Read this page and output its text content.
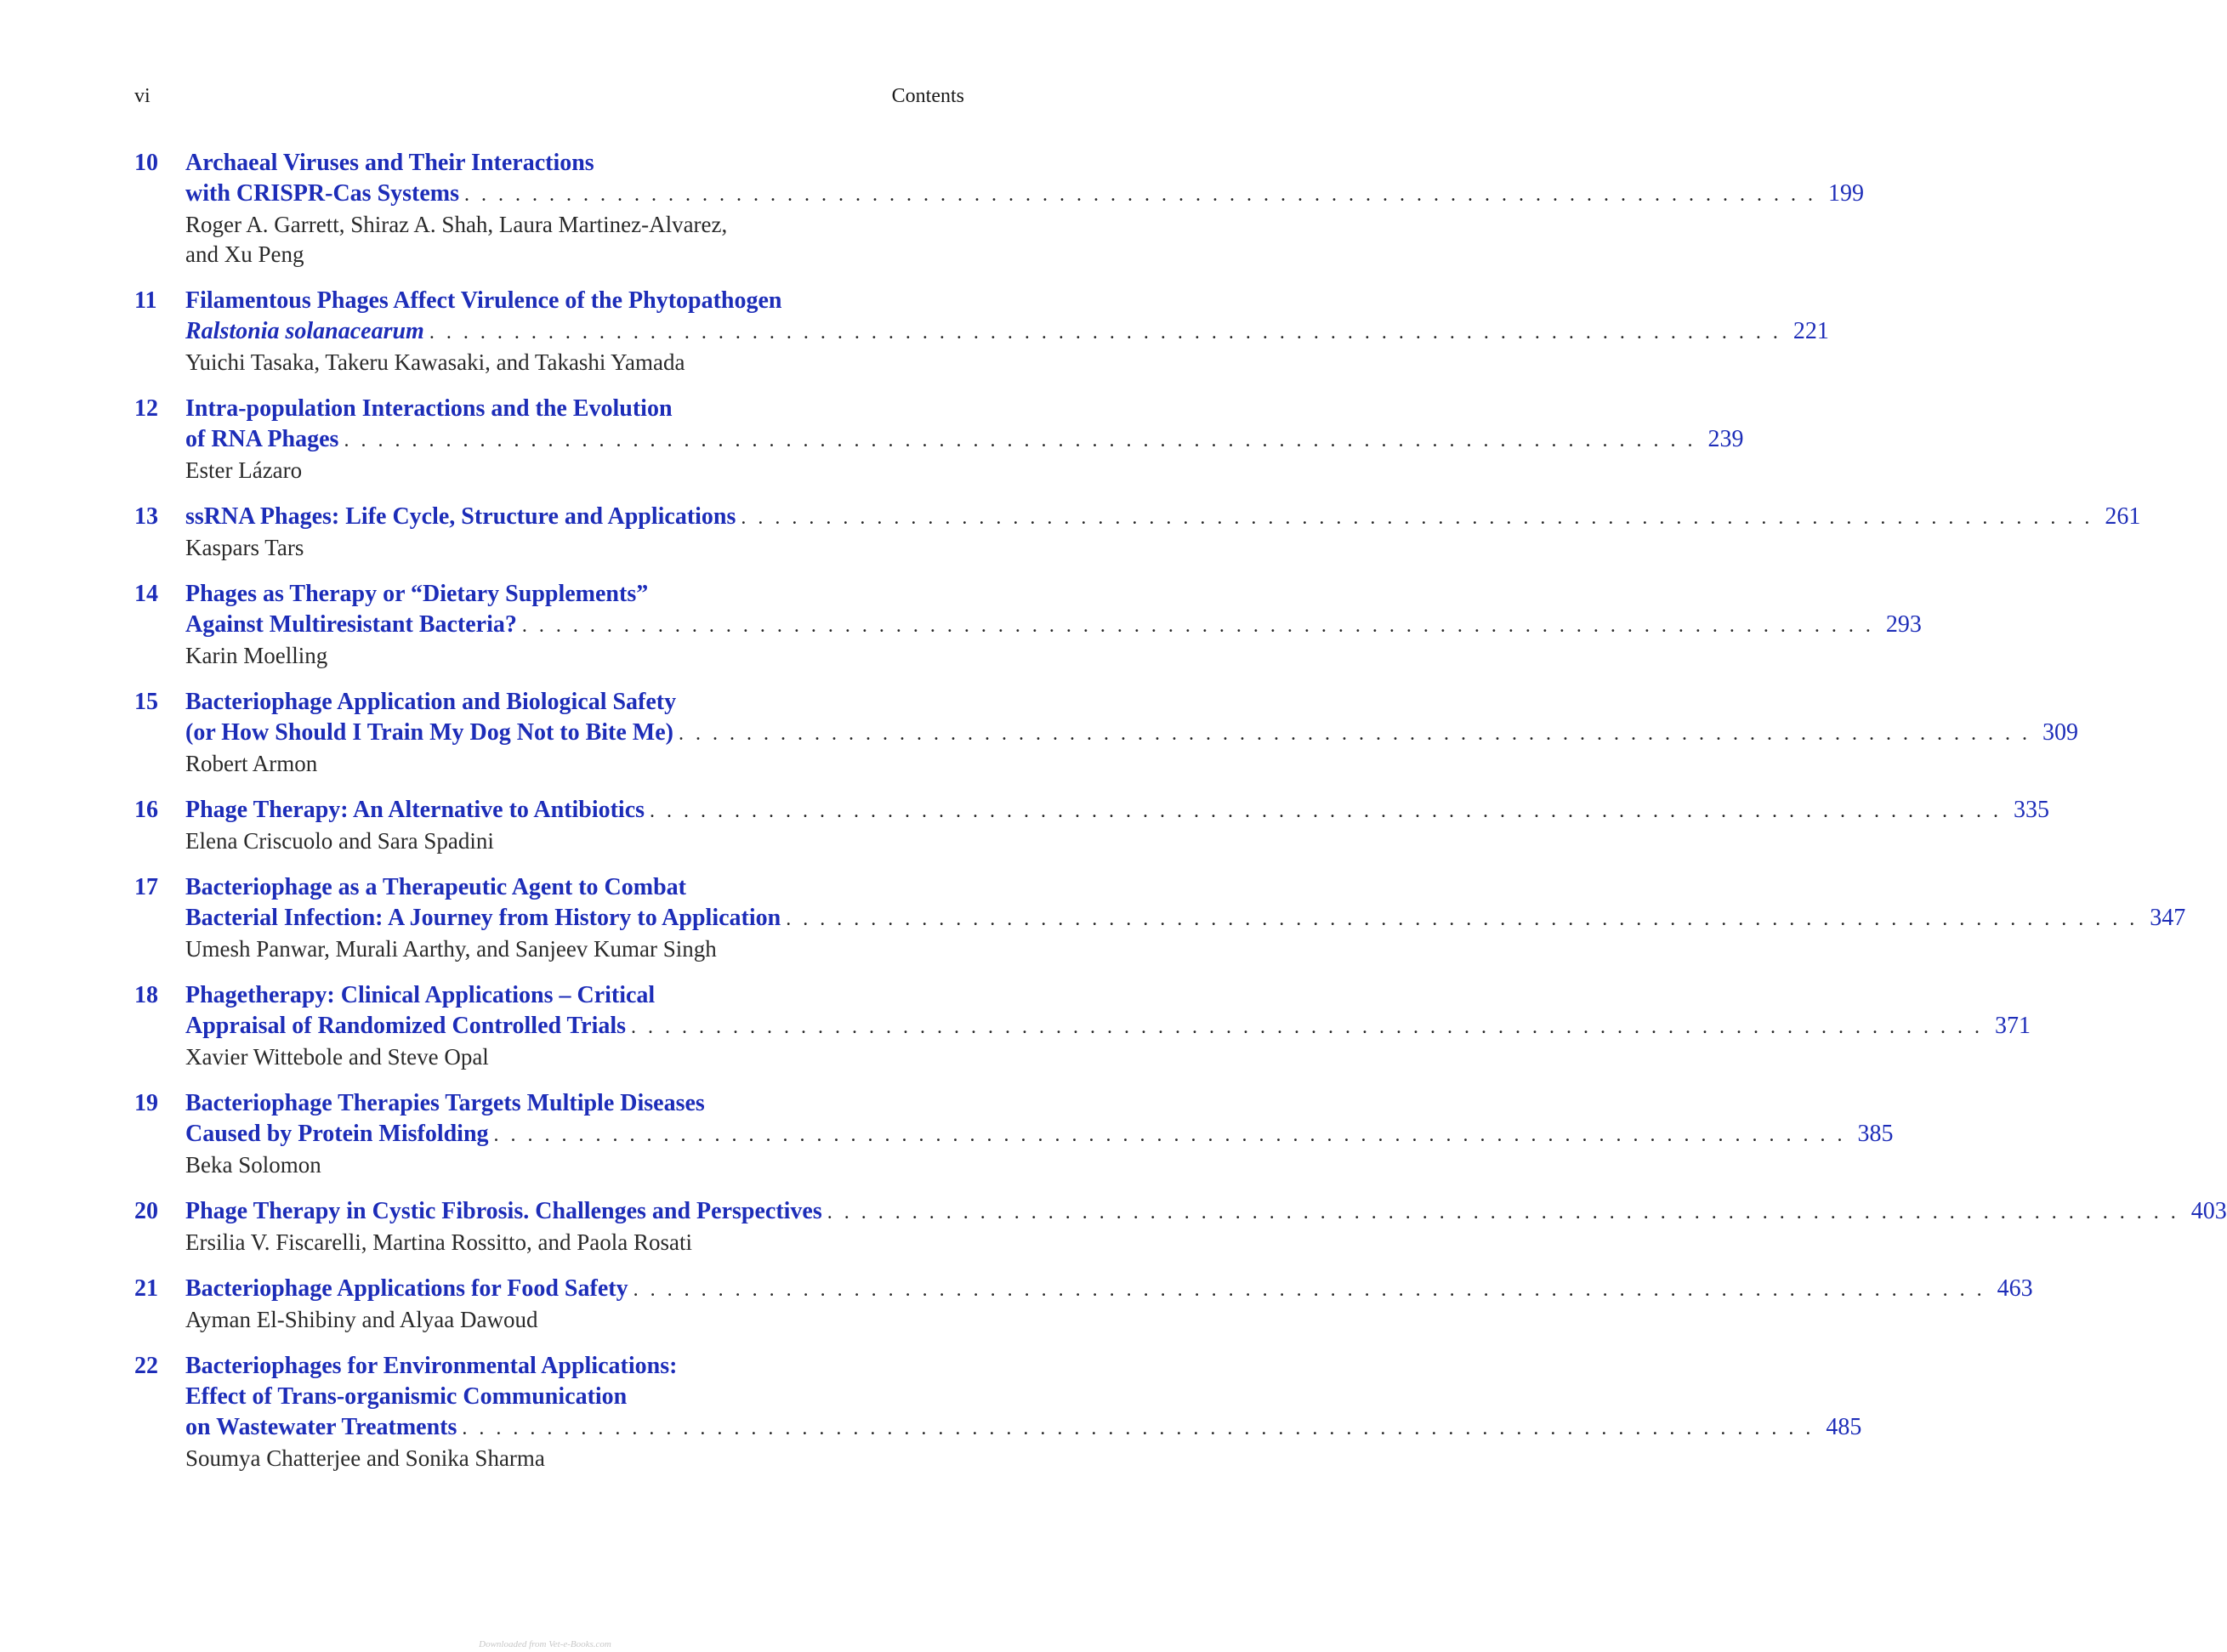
vi	Contents
10	Archaeal Viruses and Their Interactions
with CRISPR-Cas Systems . . . . . . . . . . . . . . . . . . . . . . . . . . . . . . . . . . . . . . . . . . . . . . . . . . . . . . . . . . . . . . . . . . . . . . . . . . . . . . . . 199
Roger A. Garrett, Shiraz A. Shah, Laura Martinez-Alvarez,
and Xu Peng
11	Filamentous Phages Affect Virulence of the Phytopathogen
Ralstonia solanacearum . . . . . . . . . . . . . . . . . . . . . . . . . . . . . . . . . . . . . . . . . . . . . . . . . . . . . . . . . . . . . . . . . . . . . . . . . . . . . . . . 221
Yuichi Tasaka, Takeru Kawasaki, and Takashi Yamada
12	Intra-population Interactions and the Evolution
of RNA Phages . . . . . . . . . . . . . . . . . . . . . . . . . . . . . . . . . . . . . . . . . . . . . . . . . . . . . . . . . . . . . . . . . . . . . . . . . . . . . . . . 239
Ester Lázaro
13	ssRNA Phages: Life Cycle, Structure and Applications . . . . . . . . . . . . . . . . . . . . . . . . . . . . . . . . . . . . . . . . . . . . . . . . . . . . . . . . . . . . . . . . . . . . . . . . . . . . . . . . 261
Kaspars Tars
14	Phages as Therapy or “Dietary Supplements”
Against Multiresistant Bacteria? . . . . . . . . . . . . . . . . . . . . . . . . . . . . . . . . . . . . . . . . . . . . . . . . . . . . . . . . . . . . . . . . . . . . . . . . . . . . . . . . 293
Karin Moelling
15	Bacteriophage Application and Biological Safety
(or How Should I Train My Dog Not to Bite Me) . . . . . . . . . . . . . . . . . . . . . . . . . . . . . . . . . . . . . . . . . . . . . . . . . . . . . . . . . . . . . . . . . . . . . . . . . . . . . . . . 309
Robert Armon
16	Phage Therapy: An Alternative to Antibiotics . . . . . . . . . . . . . . . . . . . . . . . . . . . . . . . . . . . . . . . . . . . . . . . . . . . . . . . . . . . . . . . . . . . . . . . . . . . . . . . . 335
Elena Criscuolo and Sara Spadini
17	Bacteriophage as a Therapeutic Agent to Combat
Bacterial Infection: A Journey from History to Application . . . . . . . . . . . . . . . . . . . . . . . . . . . . . . . . . . . . . . . . . . . . . . . . . . . . . . . . . . . . . . . . . . . . . . . . . . . . . . . . 347
Umesh Panwar, Murali Aarthy, and Sanjeev Kumar Singh
18	Phagetherapy: Clinical Applications – Critical
Appraisal of Randomized Controlled Trials . . . . . . . . . . . . . . . . . . . . . . . . . . . . . . . . . . . . . . . . . . . . . . . . . . . . . . . . . . . . . . . . . . . . . . . . . . . . . . . . 371
Xavier Wittebole and Steve Opal
19	Bacteriophage Therapies Targets Multiple Diseases
Caused by Protein Misfolding . . . . . . . . . . . . . . . . . . . . . . . . . . . . . . . . . . . . . . . . . . . . . . . . . . . . . . . . . . . . . . . . . . . . . . . . . . . . . . . . 385
Beka Solomon
20	Phage Therapy in Cystic Fibrosis. Challenges and Perspectives . . . . . . . . . . . . . . . . . . . . . . . . . . . . . . . . . . . . . . . . . . . . . . . . . . . . . . . . . . . . . . . . . . . . . . . . . . . . . . . . 403
Ersilia V. Fiscarelli, Martina Rossitto, and Paola Rosati
21	Bacteriophage Applications for Food Safety . . . . . . . . . . . . . . . . . . . . . . . . . . . . . . . . . . . . . . . . . . . . . . . . . . . . . . . . . . . . . . . . . . . . . . . . . . . . . . . . 463
Ayman El-Shibiny and Alyaa Dawoud
22	Bacteriophages for Environmental Applications:
Effect of Trans-organismic Communication
on Wastewater Treatments . . . . . . . . . . . . . . . . . . . . . . . . . . . . . . . . . . . . . . . . . . . . . . . . . . . . . . . . . . . . . . . . . . . . . . . . . . . . . . . . 485
Soumya Chatterjee and Sonika Sharma
Downloaded from Vet-e-Books.com
